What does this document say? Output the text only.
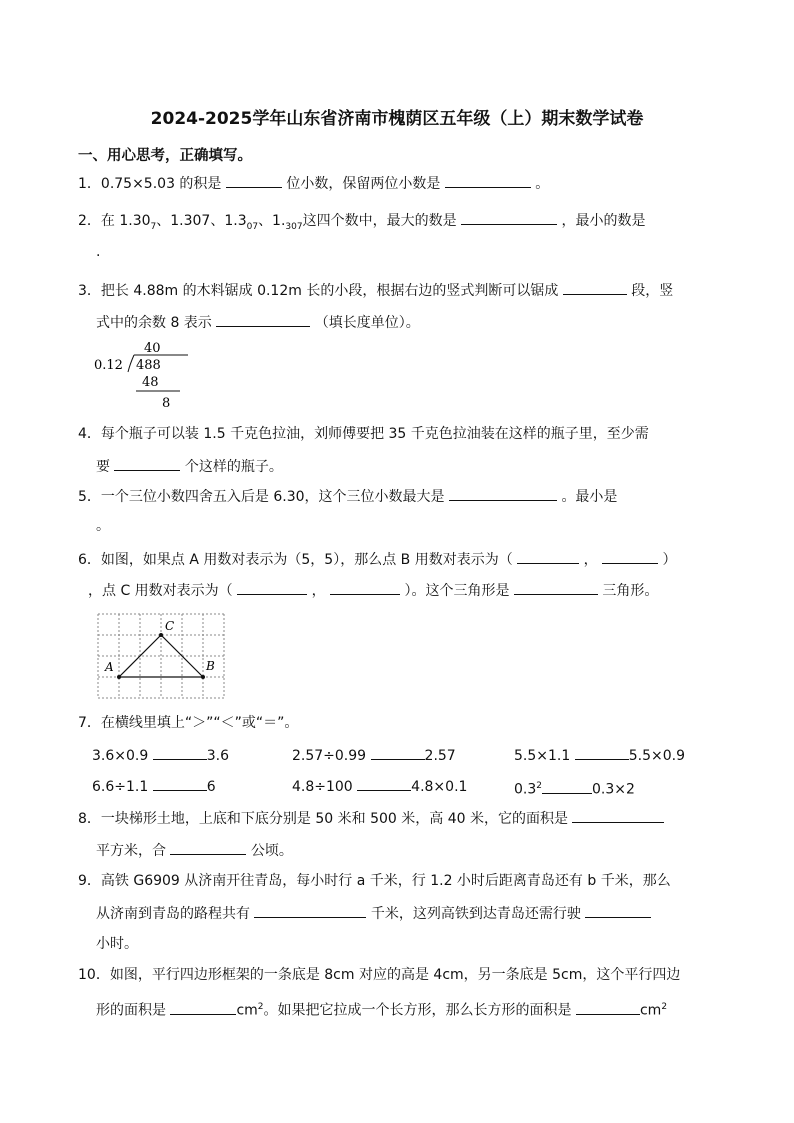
2024-2025学年山东省济南市槐荫区五年级（上）期末数学试卷
一、用心思考，正确填写。
1．0.75×5.03 的积是	位小数，保留两位小数是	。
2．在 $1.30_7$、1.307、$1.3_{07}$、$1._{307}$这四个数中，最大的数是	，最小的数是
.
3．把长 4.88m 的木料锯成 0.12m 长的小段，根据右边的竖式判断可以锯成	段，竖
式中的余数 8 表示	（填长度单位）。
40
0.12 488
48
8
4．每个瓶子可以装 1.5 千克色拉油，刘师傅要把 35 千克色拉油装在这样的瓶子里，至少需
要	个这样的瓶子。
5．一个三位小数四舍五入后是 6.30，这个三位小数最大是	。最小是
。
6．如图，如果点 A 用数对表示为（5，5），那么点 B 用数对表示为（	，	）
，点 C 用数对表示为（	，	）。这个三角形是	三角形。
A	B
C
7．在横线里填上“＞”“＜”或“＝”。
3.6×0.9	3.6	2.57÷0.99	2.57	5.5×1.1	5.5×0.9
6.6÷1.1	6	4.8÷100	4.8×0.1	$0.3^2$	0.3×2
8．一块梯形土地，上底和下底分别是 50 米和 500 米，高 40 米，它的面积是
平方米，合	公顷。
9．高铁 G6909 从济南开往青岛，每小时行 a 千米，行 1.2 小时后距离青岛还有 b 千米，那么
从济南到青岛的路程共有	千米，这列高铁到达青岛还需行驶
小时。
10．如图，平行四边形框架的一条底是 8cm 对应的高是 4cm，另一条底是 5cm，这个平行四边
形的面积是	$cm^2$。如果把它拉成一个长方形，那么长方形的面积是	$cm^2$
